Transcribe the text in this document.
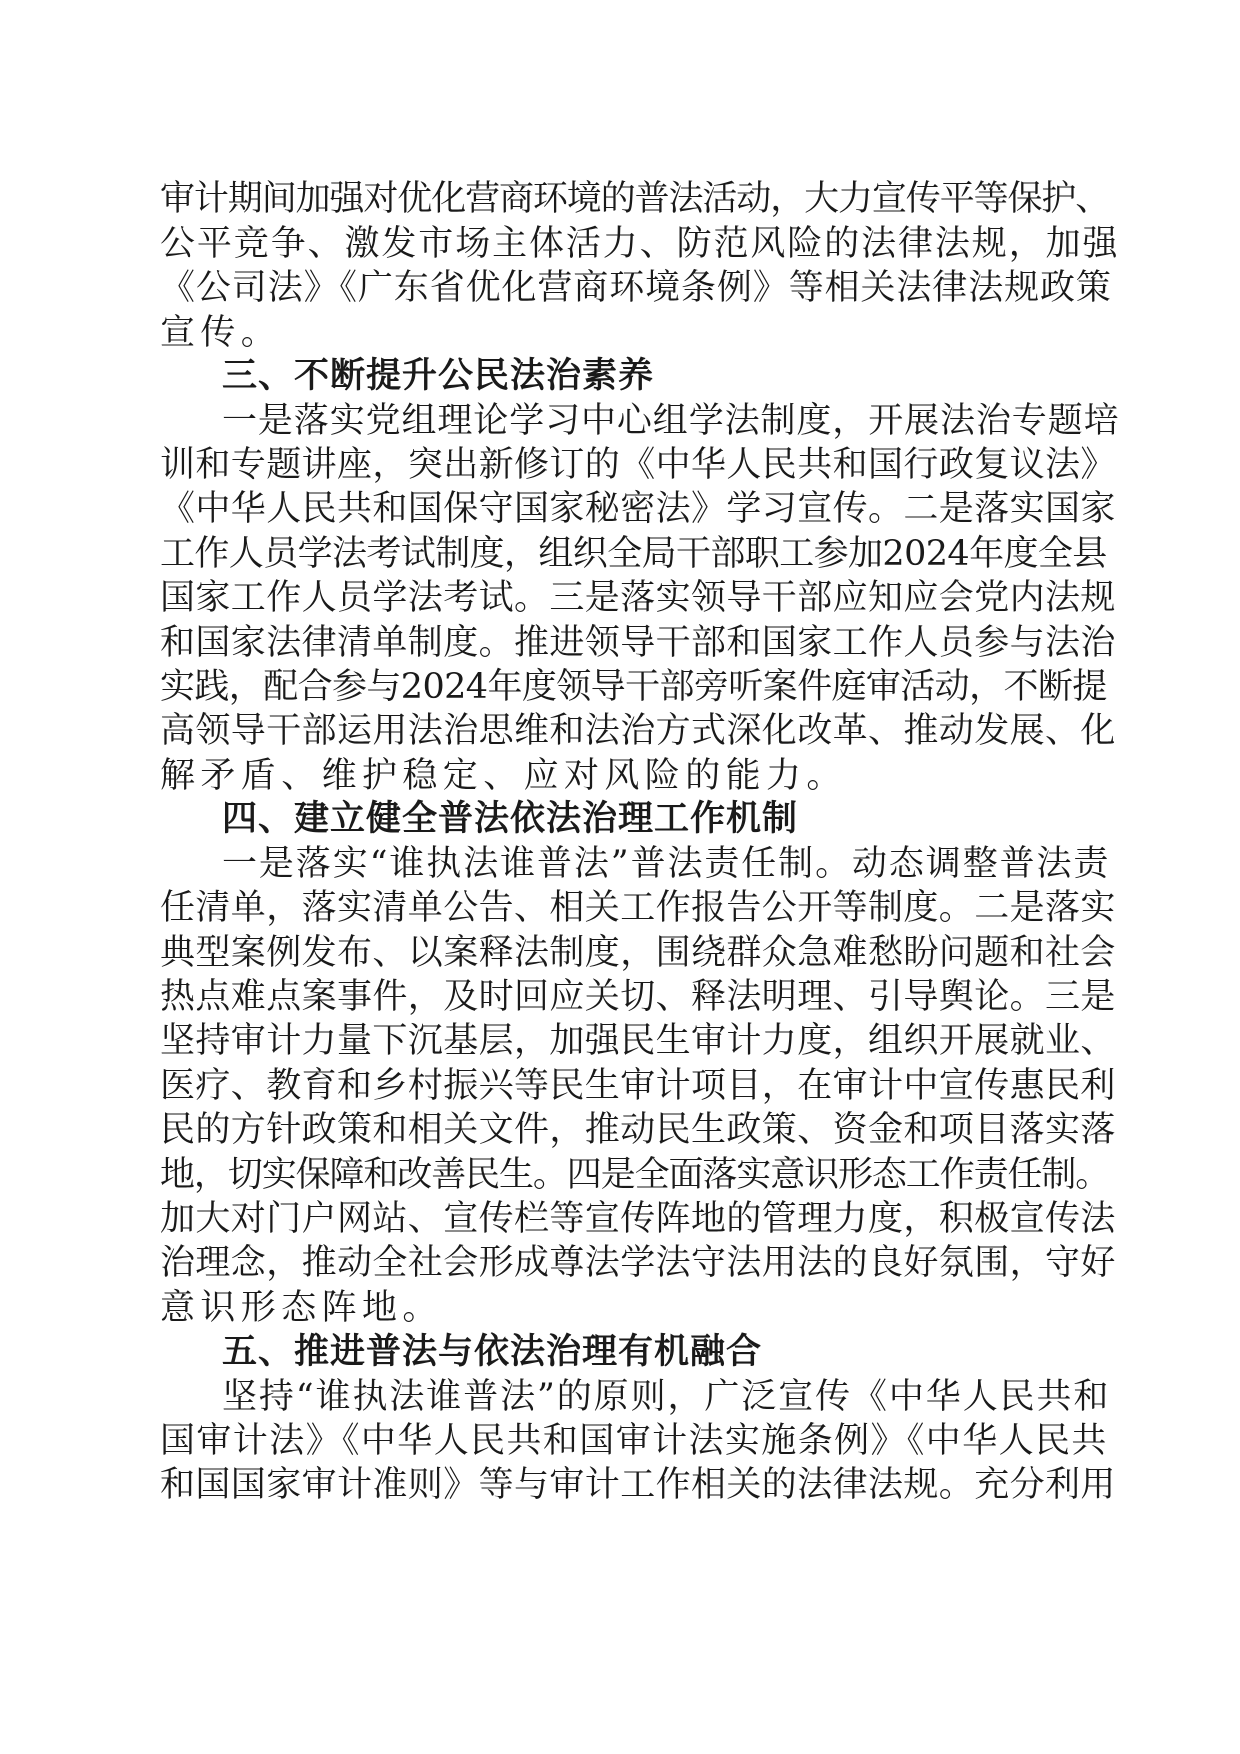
审计期间加强对优化营商环境的普法活动，大力宣传平等保护、
公平竞争、激发市场主体活力、防范风险的法律法规，加强
《公司法》《广东省优化营商环境条例》等相关法律法规政策
宣传。
三、不断提升公民法治素养
一是落实党组理论学习中心组学法制度，开展法治专题培
训和专题讲座，突出新修订的《中华人民共和国行政复议法》
《中华人民共和国保守国家秘密法》学习宣传。二是落实国家
工作人员学法考试制度，组织全局干部职工参加2024年度全县
国家工作人员学法考试。三是落实领导干部应知应会党内法规
和国家法律清单制度。推进领导干部和国家工作人员参与法治
实践，配合参与2024年度领导干部旁听案件庭审活动，不断提
高领导干部运用法治思维和法治方式深化改革、推动发展、化
解矛盾、维护稳定、应对风险的能力。
四、建立健全普法依法治理工作机制
一是落实“谁执法谁普法”普法责任制。动态调整普法责
任清单，落实清单公告、相关工作报告公开等制度。二是落实
典型案例发布、以案释法制度，围绕群众急难愁盼问题和社会
热点难点案事件，及时回应关切、释法明理、引导舆论。三是
坚持审计力量下沉基层，加强民生审计力度，组织开展就业、
医疗、教育和乡村振兴等民生审计项目，在审计中宣传惠民利
民的方针政策和相关文件，推动民生政策、资金和项目落实落
地，切实保障和改善民生。四是全面落实意识形态工作责任制。
加大对门户网站、宣传栏等宣传阵地的管理力度，积极宣传法
治理念，推动全社会形成尊法学法守法用法的良好氛围，守好
意识形态阵地。
五、推进普法与依法治理有机融合
坚持“谁执法谁普法”的原则，广泛宣传《中华人民共和
国审计法》《中华人民共和国审计法实施条例》《中华人民共
和国国家审计准则》等与审计工作相关的法律法规。充分利用
